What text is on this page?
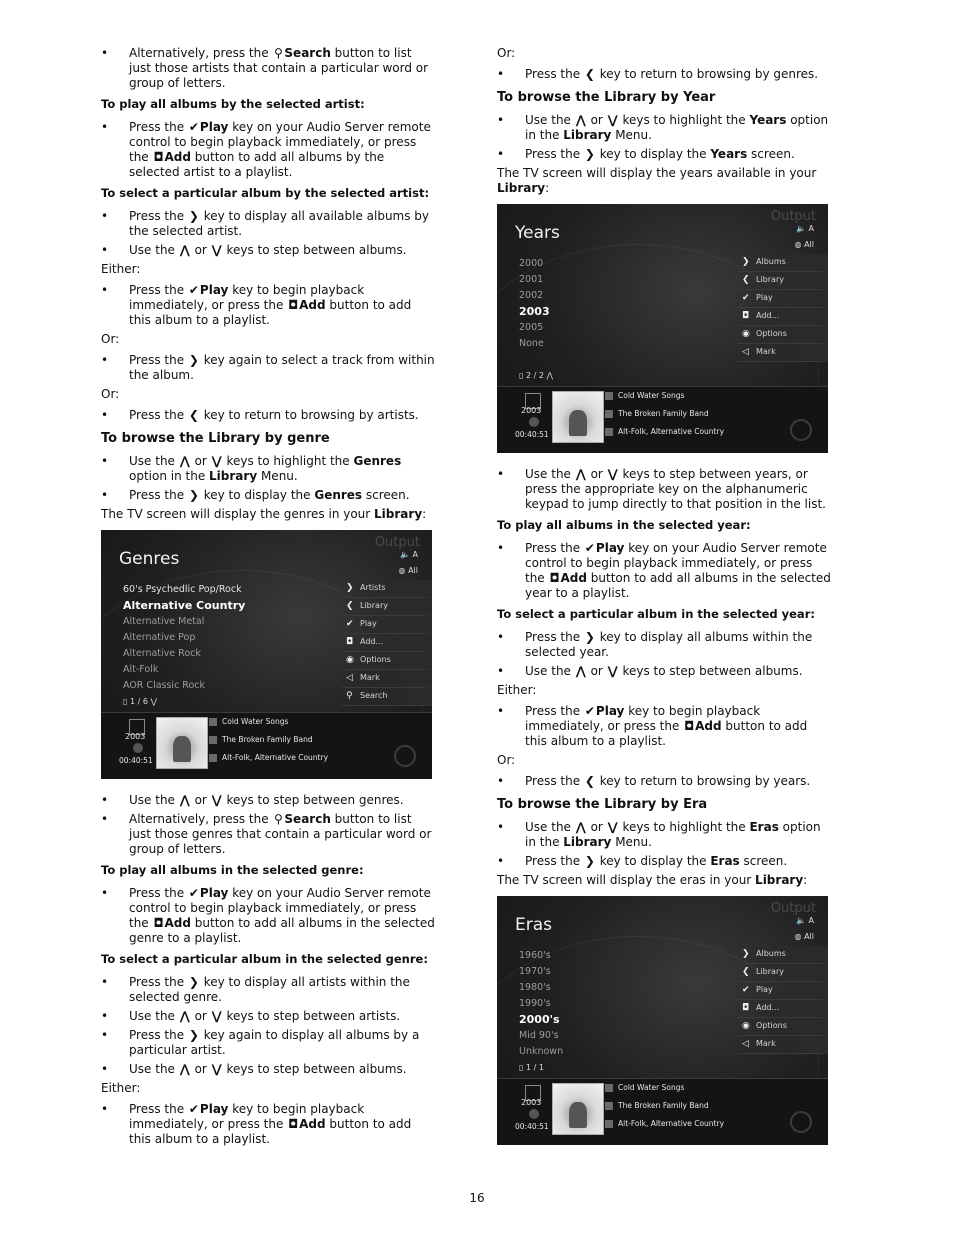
• Alternatively, press the ⚲ Search button to list just those artists that contain a particular word or group of letters.
To play all albums by the selected artist:
• Press the ✔Play key on your Audio Server remote control to begin playback immediately, or press the ◘Add button to add all albums by the selected artist to a playlist.
To select a particular album by the selected artist:
• Press the ❯ key to display all available albums by the selected artist.
• Use the ⋀ or ⋁ keys to step between albums.
Either:
• Press the ✔Play key to begin playback immediately, or press the ◘Add button to add this album to a playlist.
Or:
• Press the ❯ key again to select a track from within the album.
Or:
• Press the ❮ key to return to browsing by artists.
To browse the Library by genre
• Use the ⋀ or ⋁ keys to highlight the Genres option in the Library Menu.
• Press the ❯ key to display the Genres screen.
The TV screen will display the genres in your Library:
Genres
Output
🔈 A
◍ All
60's Psychedlic Pop/Rock
Alternative Country
Alternative Metal
Alternative Pop
Alternative Rock
Alt-Folk
AOR Classic Rock
❯ Artists
❮ Library
✔ Play
◘ Add...
◉ Options
◁ Mark
⚲ Search
▯ 1 / 6 ⋁
2003
00:40:51
Cold Water Songs
The Broken Family Band
Alt-Folk, Alternative Country
• Use the ⋀ or ⋁ keys to step between genres.
• Alternatively, press the ⚲ Search button to list just those genres that contain a particular word or group of letters.
To play all albums in the selected genre:
• Press the ✔Play key on your Audio Server remote control to begin playback immediately, or press the ◘Add button to add all albums in the selected genre to a playlist.
To select a particular album in the selected genre:
• Press the ❯ key to display all artists within the selected genre.
• Use the ⋀ or ⋁ keys to step between artists.
• Press the ❯ key again to display all albums by a particular artist.
• Use the ⋀ or ⋁ keys to step between albums.
Either:
• Press the ✔Play key to begin playback immediately, or press the ◘Add button to add this album to a playlist.
Or:
• Press the ❮ key to return to browsing by genres.
To browse the Library by Year
• Use the ⋀ or ⋁ keys to highlight the Years option in the Library Menu.
• Press the ❯ key to display the Years screen.
The TV screen will display the years available in your Library:
Years
Output
🔈 A
◍ All
2000
2001
2002
2003
2005
None
❯ Albums
❮ Library
✔ Play
◘ Add...
◉ Options
◁ Mark
▯ 2 / 2 ⋀
2003
00:40:51
Cold Water Songs
The Broken Family Band
Alt-Folk, Alternative Country
• Use the ⋀ or ⋁ keys to step between years, or press the appropriate key on the alphanumeric keypad to jump directly to that position in the list.
To play all albums in the selected year:
• Press the ✔Play key on your Audio Server remote control to begin playback immediately, or press the ◘Add button to add all albums in the selected year to a playlist.
To select a particular album in the selected year:
• Press the ❯ key to display all albums within the selected year.
• Use the ⋀ or ⋁ keys to step between albums.
Either:
• Press the ✔Play key to begin playback immediately, or press the ◘Add button to add this album to a playlist.
Or:
• Press the ❮ key to return to browsing by years.
To browse the Library by Era
• Use the ⋀ or ⋁ keys to highlight the Eras option in the Library Menu.
• Press the ❯ key to display the Eras screen.
The TV screen will display the eras in your Library:
Eras
Output
🔈 A
◍ All
1960's
1970's
1980's
1990's
2000's
Mid 90's
Unknown
❯ Albums
❮ Library
✔ Play
◘ Add...
◉ Options
◁ Mark
▯ 1 / 1
2003
00:40:51
Cold Water Songs
The Broken Family Band
Alt-Folk, Alternative Country
16
